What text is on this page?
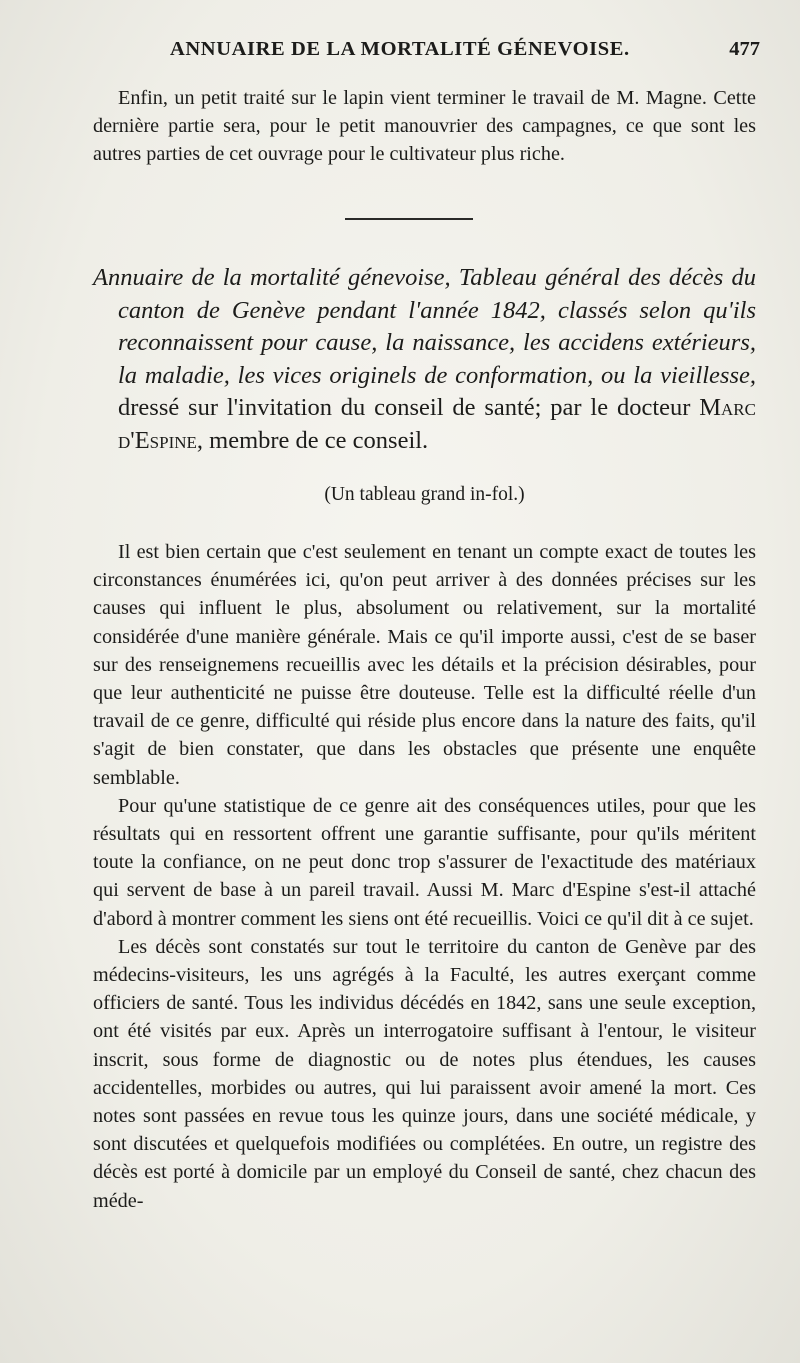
ANNUAIRE DE LA MORTALITÉ GÉNEVOISE.	477

Enfin, un petit traité sur le lapin vient terminer le travail de M. Magne. Cette dernière partie sera, pour le petit manouvrier des campagnes, ce que sont les autres parties de cet ouvrage pour le cultivateur plus riche.

Annuaire de la mortalité génevoise, Tableau général des décès du canton de Genève pendant l'année 1842, classés selon qu'ils reconnaissent pour cause, la naissance, les accidens extérieurs, la maladie, les vices originels de conformation, ou la vieillesse, dressé sur l'invitation du conseil de santé; par le docteur Marc d'Espine, membre de ce conseil.
(Un tableau grand in-fol.)

Il est bien certain que c'est seulement en tenant un compte exact de toutes les circonstances énumérées ici, qu'on peut arriver à des données précises sur les causes qui influent le plus, absolument ou relativement, sur la mortalité considérée d'une manière générale. Mais ce qu'il importe aussi, c'est de se baser sur des renseignemens recueillis avec les détails et la précision désirables, pour que leur authenticité ne puisse être douteuse. Telle est la difficulté réelle d'un travail de ce genre, difficulté qui réside plus encore dans la nature des faits, qu'il s'agit de bien constater, que dans les obstacles que présente une enquête semblable.

Pour qu'une statistique de ce genre ait des conséquences utiles, pour que les résultats qui en ressortent offrent une garantie suffisante, pour qu'ils méritent toute la confiance, on ne peut donc trop s'assurer de l'exactitude des matériaux qui servent de base à un pareil travail. Aussi M. Marc d'Espine s'est-il attaché d'abord à montrer comment les siens ont été recueillis. Voici ce qu'il dit à ce sujet.

Les décès sont constatés sur tout le territoire du canton de Genève par des médecins-visiteurs, les uns agrégés à la Faculté, les autres exerçant comme officiers de santé. Tous les individus décédés en 1842, sans une seule exception, ont été visités par eux. Après un interrogatoire suffisant à l'entour, le visiteur inscrit, sous forme de diagnostic ou de notes plus étendues, les causes accidentelles, morbides ou autres, qui lui paraissent avoir amené la mort. Ces notes sont passées en revue tous les quinze jours, dans une société médicale, y sont discutées et quelquefois modifiées ou complétées. En outre, un registre des décès est porté à domicile par un employé du Conseil de santé, chez chacun des méde-
